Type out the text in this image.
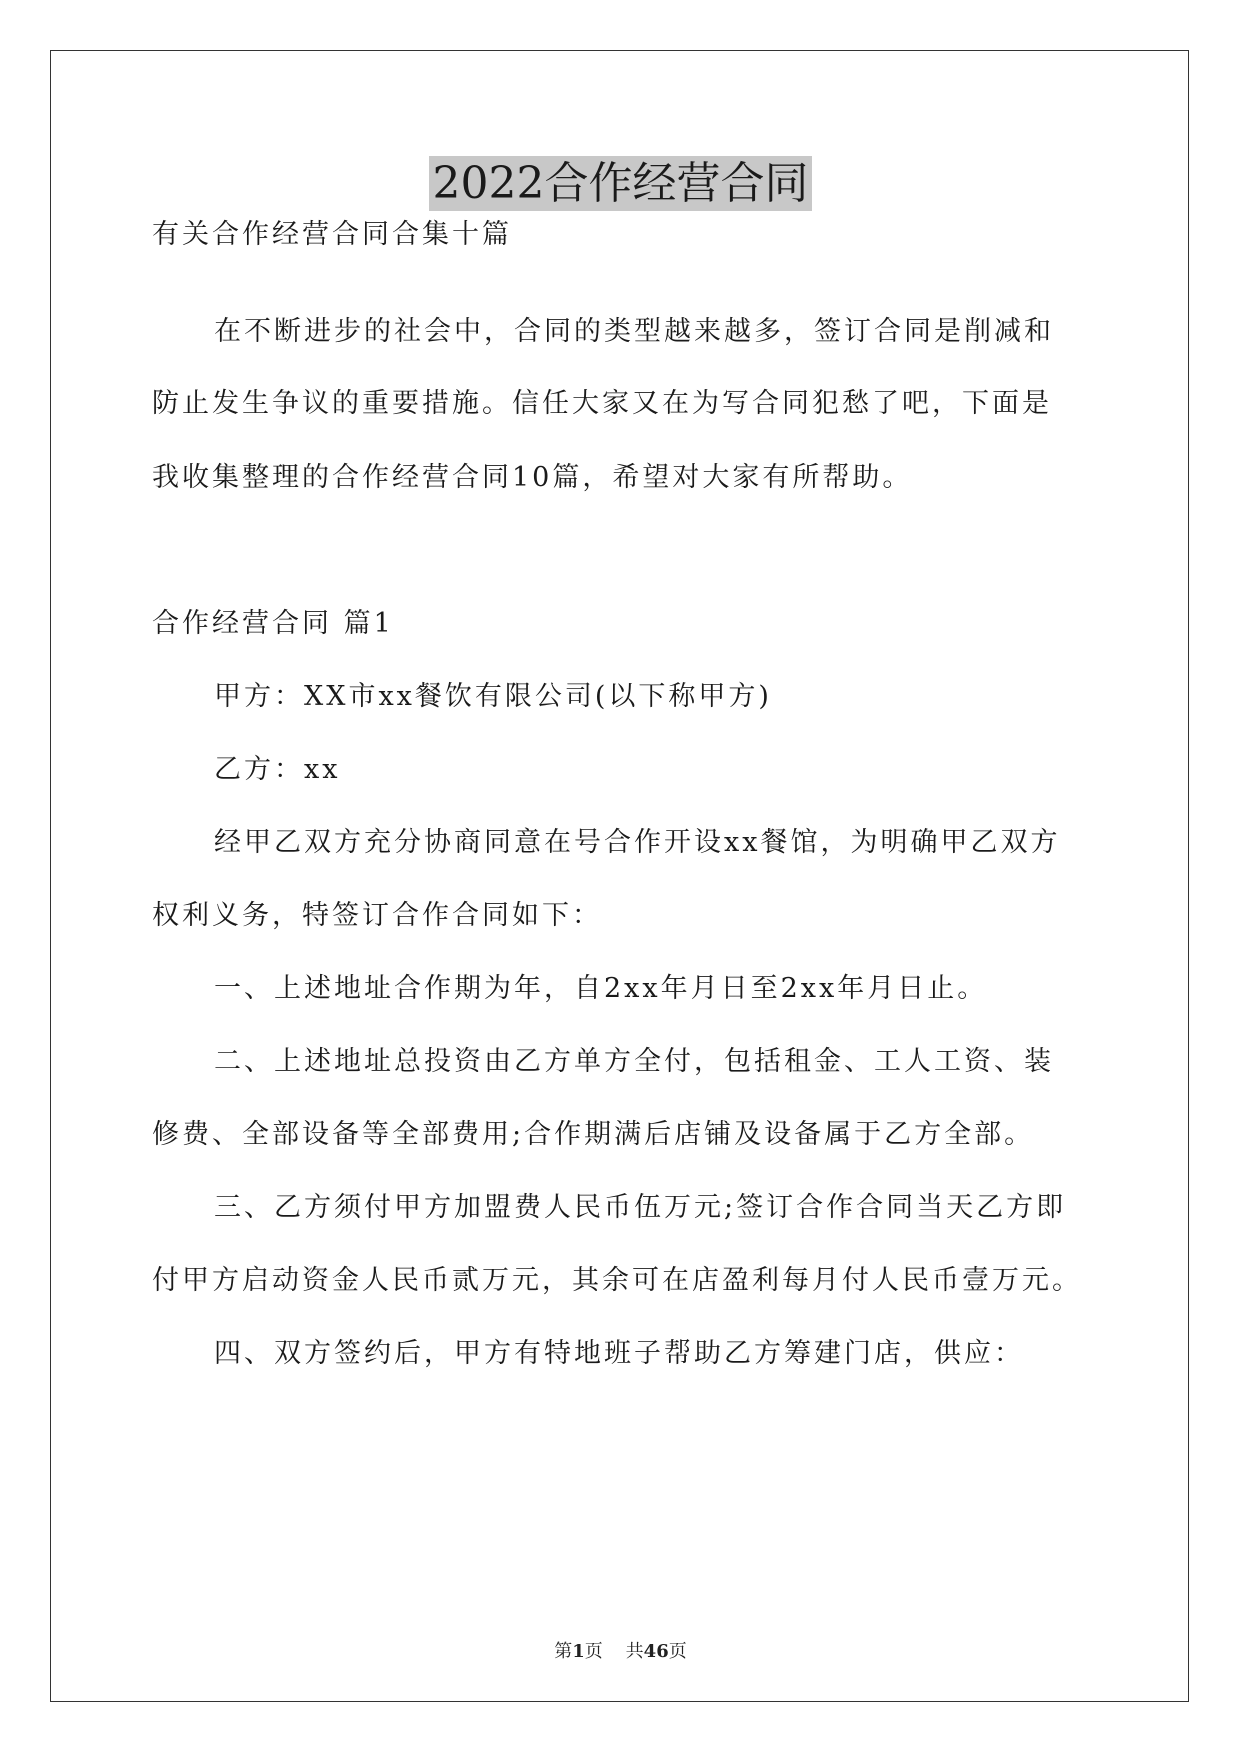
2022合作经营合同
有关合作经营合同合集十篇
在不断进步的社会中，合同的类型越来越多，签订合同是削减和
防止发生争议的重要措施。信任大家又在为写合同犯愁了吧，下面是
我收集整理的合作经营合同10篇，希望对大家有所帮助。
合作经营合同 篇1
甲方：XX市xx餐饮有限公司(以下称甲方)
乙方：xx
经甲乙双方充分协商同意在号合作开设xx餐馆，为明确甲乙双方
权利义务，特签订合作合同如下：
一、上述地址合作期为年，自2xx年月日至2xx年月日止。
二、上述地址总投资由乙方单方全付，包括租金、工人工资、装
修费、全部设备等全部费用;合作期满后店铺及设备属于乙方全部。
三、乙方须付甲方加盟费人民币伍万元;签订合作合同当天乙方即
付甲方启动资金人民币贰万元，其余可在店盈利每月付人民币壹万元。
四、双方签约后，甲方有特地班子帮助乙方筹建门店，供应：
第1页    共46页
